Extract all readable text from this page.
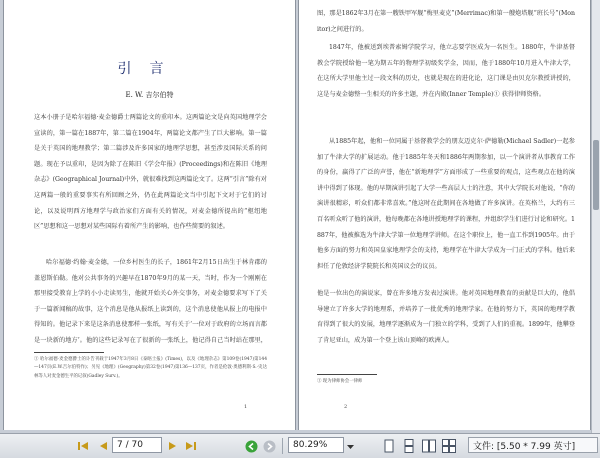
引言
E. W. 吉尔伯特
这本小册子是哈尔福德·麦金德爵士两篇论文的重印本。这两篇论文是向英国地理学会宣读的，第一篇在1887年，第二篇在1904年，两篇论文都产生了巨大影响。第一篇是关于英国的地理教学；第二篇涉及许多国家的地理学思想，甚至涉及国际关系的问题。现在予以重印，是因为除了在陈旧《学会年报》(Proceedings)和在陈旧《地理杂志》(Geographical Journal)中外，就很难找到这两篇论文了。这两“引言”除有对这两篇一般的重要事实有所回顾之外，仍在此两篇论文当中引起下文对于它们的讨论，以及说明西方地理学与政治家们方面有关的情况，对麦金德所提出的“枢纽地区”思想和这一思想对某些国际有着所产生的影响，也作些简要的叙述。
哈尔福德·约翰·麦金德，一位乡村医生的长子，1861年2月15日出生于林肯郡的盖恩斯伯勒。他对公共事务的兴趣早在1870年9月的某一天，当时，作为一个刚刚在那里接受教育上学的小小走读男生，他就开始关心外交事务，对麦金德要求写下了关于一篇新闻稿的故事，这个消息是他从报纸上读到的，这个消息使他从报上的电报中得知的。他记录下来是这条消息使那样一张纸，写有关于‘一位对于政府的立场而言都是一块新的地方’。他的这些记录写在了很新的一张纸上，他记得自己当时站在那里，
① 哈尔福德·麦金德爵士的讣告刊载于1947年3月8日《泰晤士报》(Times)，以及《地理杂志》第109卷(1947)第144—147页(E.W.吉尔伯特作)；另见《地理》(Geography)第32卷(1947)第136—137页，作者是伦敦·奥德利斯·S.·史达林等人对麦金德生平的记叙(Gadley Surv.)。
1
图，那是1862年3月在第一艘铁甲军舰“梅里麦克”(Merrimac)和第一艘炮塔舰“班长号”(Monitor)之间进行的。
1847年，他被送到埃普索姆学院学习，他立志要学医成为一名医生。1880年，牛津基督教会学院授给他一笔为期五年的物理学初级奖学金，因而，他于1880年10月进入牛津大学，在这所大学里他主过一段文科的历史，也就是现在的进化论，这门课是由贝克尔教授讲授的，这是与麦金德整一生相关的许多主题，并在内殿(Inner Temple)① 获得律师资格。
从1885年起，他和一位同属于基督教学会的朋友迈克尔·萨德勒(Michael Sadler)一起参加了牛津大学的扩展运动。他于1885年冬天和1886年两期参加，以一个演讲者从事教育工作的身份，赢得了广泛的声誉，他在“新地理学”方面形成了一些重要的观点，这些观点在他的演讲中得到了体现。他的早期演讲引起了大学一些高层人士的注意，其中大学院长对他说，“你的演讲很精彩，听众们都非常喜欢。”他这时在此期间在各地做了许多演讲。在英格兰，大约有三百名听众听了他的演讲，他每晚都在各地讲授地理学的课程，并组织学生们进行讨论和研究。1887年，他被推选为牛津大学第一位地理学讲师。在这个职位上，他一直工作到1905年。由于他多方面的努力和英国皇家地理学会的支持，地理学在牛津大学成为一门正式的学科。他后来担任了伦敦经济学院院长和英国议会的议员。
他是一位出色的演说家，曾在许多地方发表过演讲。他对英国地理教育的贡献是巨大的，他倡导建立了许多大学的地理系，并培养了一批优秀的地理学家。在他的努力下，英国的地理学教育得到了很大的发展，地理学逐渐成为一门独立的学科，受到了人们的重视。1899年，他攀登了肯尼亚山，成为第一个登上该山顶峰的欧洲人。
① 现为律师协会一律师
2
7 / 70	80.29%	文件: [5.50 * 7.99 英寸]
